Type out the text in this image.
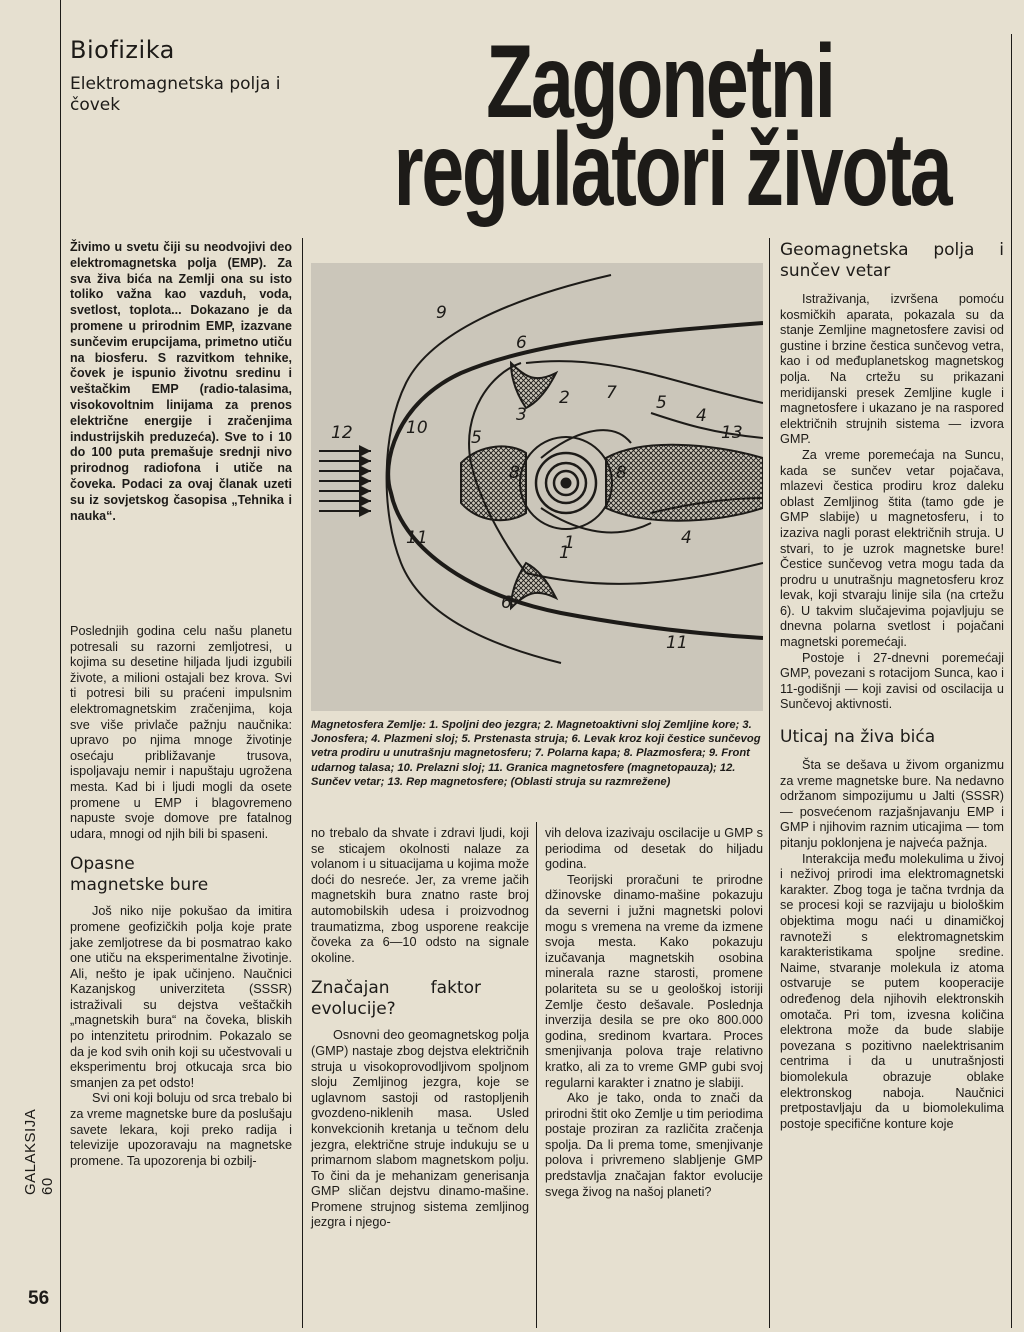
Biofizika
Elektromagnetska polja i čovek	Zagonetni
regulatori života
Živimo u svetu čiji su neodvojivi deo elektromagnetska polja (EMP). Za sva živa bića na Zemlji ona su isto toliko važna kao vazduh, voda, svetlost, toplota... Dokazano je da promene u prirodnim EMP, izazvane sunčevim erupcijama, primetno utiču na biosferu. S razvitkom tehnike, čovek je ispunio životnu sredinu i veštačkim EMP (radio-talasima, visokovoltnim linijama za prenos električne energije i zračenjima industrijskih preduzeća). Sve to i 10 do 100 puta premašuje srednji nivo prirodnog radiofona i utiče na čoveka. Podaci za ovaj članak uzeti su iz sovjetskog časopisa „Tehnika i nauka“.

Poslednjih godina celu našu planetu potresali su razorni zemljotresi, u kojima su desetine hiljada ljudi izgubili živote, a milioni ostajali bez krova. Svi ti potresi bili su praćeni impulsnim elektromagnetskim zračenjima, koja sve više privlače pažnju naučnika: upravo po njima mnoge životinje osećaju približavanje trusova, ispoljavaju nemir i napuštaju ugrožena mesta. Kad bi i ljudi mogli da osete promene u EMP i blagovremeno napuste svoje domove pre fatalnog udara, mnogi od njih bili bi spaseni.

Opasne magnetske bure

Još niko nije pokušao da imitira promene geofizičkih polja koje prate jake zemljotrese da bi posmatrao kako one utiču na eksperimentalne životinje. Ali, nešto je ipak učinjeno. Naučnici Kazanjskog univerziteta (SSSR) istraživali su dejstva veštačkih „magnetskih bura“ na čoveka, bliskih po intenzitetu prirodnim. Pokazalo se da je kod svih onih koji su učestvovali u eksperimentu broj otkucaja srca bio smanjen za pet odsto!

Svi oni koji boluju od srca trebalo bi za vreme magnetske bure da poslušaju savete lekara, koji preko radija i televizije upozoravaju na magnetske promene. Ta upozorenja bi ozbilj-

9
6
2 7 5
4
13
1
10	5
3
8	8
12
11
1
6
4
11
Magnetosfera Zemlje: 1. Spoljni deo jezgra; 2. Magnetoaktivni sloj Zemljine kore; 3. Jonosfera; 4. Plazmeni sloj; 5. Prstenasta struja; 6. Levak kroz koji čestice sunčevog vetra prodiru u unutrašnju magnetosferu; 7. Polarna kapa; 8. Plazmosfera; 9. Front udarnog talasa; 10. Prelazni sloj; 11. Granica magnetosfere (magnetopauza); 12. Sunčev vetar; 13. Rep magnetosfere; (Oblasti struja su razmrežene)

no trebalo da shvate i zdravi ljudi, koji se sticajem okolnosti nalaze za volanom i u situacijama u kojima može doći do nesreće. Jer, za vreme jačih magnetskih bura znatno raste broj automobilskih udesa i proizvodnog traumatizma, zbog usporene reakcije čoveka za 6—10 odsto na signale okoline.

Značajan faktor evolucije?

Osnovni deo geomagnetskog polja (GMP) nastaje zbog dejstva električnih struja u visokoprovodljivom spoljnom sloju Zemljinog jezgra, koje se uglavnom sastoji od rastopljenih gvozdeno-niklenih masa. Usled konvekcionih kretanja u tečnom delu jezgra, električne struje indukuju se u primarnom slabom magnetskom polju. To čini da je mehanizam generisanja GMP sličan dejstvu dinamo-mašine. Promene strujnog sistema zemljinog jezgra i njego-

vih delova izazivaju oscilacije u GMP s periodima od desetak do hiljadu godina.

Teorijski proračuni te prirodne džinovske dinamo-mašine pokazuju da severni i južni magnetski polovi mogu s vremena na vreme da izmene svoja mesta. Kako pokazuju izučavanja magnetskih osobina minerala razne starosti, promene polariteta su se u geološkoj istoriji Zemlje često dešavale. Poslednja inverzija desila se pre oko 800.000 godina, sredinom kvartara. Proces smenjivanja polova traje relativno kratko, ali za to vreme GMP gubi svoj regularni karakter i znatno je slabiji.

Ako je tako, onda to znači da prirodni štit oko Zemlje u tim periodima postaje proziran za različita zračenja spolja. Da li prema tome, smenjivanje polova i privremeno slabljenje GMP predstavlja značajan faktor evolucije svega živog na našoj planeti?

Geomagnetska polja i sunčev vetar

Istraživanja, izvršena pomoću kosmičkih aparata, pokazala su da stanje Zemljine magnetosfere zavisi od gustine i brzine čestica sunčevog vetra, kao i od međuplanetskog magnetskog polja. Na crtežu su prikazani meridijanski presek Zemljine kugle i magnetosfere i ukazano je na raspored električnih strujnih sistema — izvora GMP.

Za vreme poremećaja na Suncu, kada se sunčev vetar pojačava, mlazevi čestica prodiru kroz daleku oblast Zemljinog štita (tamo gde je GMP slabije) u magnetosferu, i to izaziva nagli porast električnih struja. U stvari, to je uzrok magnetske bure! Čestice sunčevog vetra mogu tada da prodru u unutrašnju magnetosferu kroz levak, koji stvaraju linije sila (na crtežu 6). U takvim slučajevima pojavljuju se dnevna polarna svetlost i pojačani magnetski poremećaji.

Postoje i 27-dnevni poremećaji GMP, povezani s rotacijom Sunca, kao i 11-godišnji — koji zavisi od oscilacija u Sunčevoj aktivnosti.

Uticaj na živa bića

Šta se dešava u živom organizmu za vreme magnetske bure. Na nedavno održanom simpozijumu u Jalti (SSSR) — posvećenom razjašnjavanju EMP i GMP i njihovim raznim uticajima — tom pitanju poklonjena je najveća pažnja.

Interakcija među molekulima u živoj i neživoj prirodi ima elektromagnetski karakter. Zbog toga je tačna tvrdnja da se procesi koji se razvijaju u biološkim objektima mogu naći u dinamičkoj ravnoteži s elektromagnetskim karakteristikama spoljne sredine. Naime, stvaranje molekula iz atoma ostvaruje se putem kooperacije određenog dela njihovih elektronskih omotača. Pri tom, izvesna količina elektrona može da bude slabije povezana s pozitivno naelektrisanim centrima i da u unutrašnjosti biomolekula obrazuje oblake elektronskog naboja. Naučnici pretpostavljaju da u biomolekulima postoje specifične konture koje

GALAKSIJA 60
56
